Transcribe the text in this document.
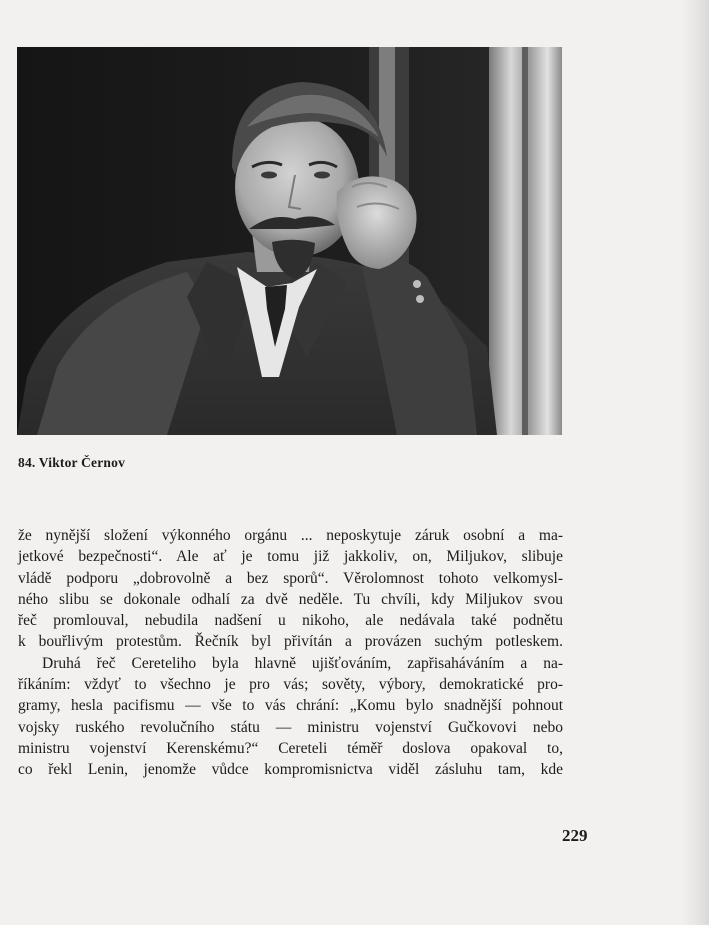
84. Viktor Černov
že nynější složení výkonného orgánu ... neposkytuje záruk osobní a ma-
jetkové bezpečnosti“. Ale ať je tomu již jakkoliv, on, Miljukov, slibuje
vládě podporu „dobrovolně a bez sporů“. Věrolomnost tohoto velkomysl-
ného slibu se dokonale odhalí za dvě neděle. Tu chvíli, kdy Miljukov svou
řeč promlouval, nebudila nadšení u nikoho, ale nedávala také podnětu
k bouřlivým protestům. Řečník byl přivítán a provázen suchým potleskem.
Druhá řeč Cereteliho byla hlavně ujišťováním, zapřisaháváním a na-
říkáním: vždyť to všechno je pro vás; sověty, výbory, demokratické pro-
gramy, hesla pacifismu — vše to vás chrání: „Komu bylo snadnější pohnout
vojsky ruského revolučního státu — ministru vojenství Gučkovovi nebo
ministru vojenství Kerenskému?“ Cereteli téměř doslova opakoval to,
co řekl Lenin, jenomže vůdce kompromisnictva viděl zásluhu tam, kde
229
